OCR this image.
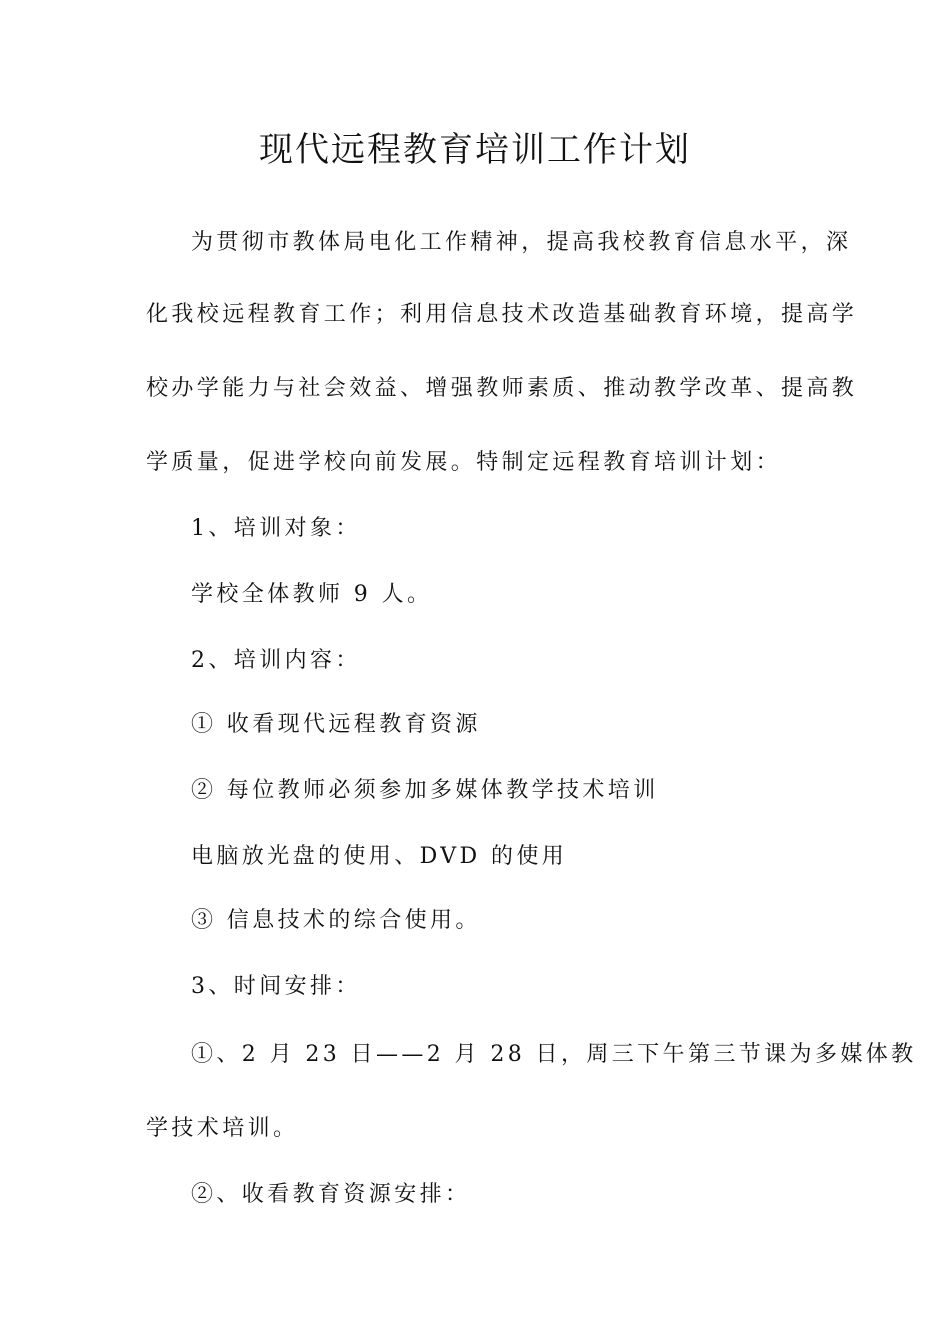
现代远程教育培训工作计划

为贯彻市教体局电化工作精神，提高我校教育信息水平，深

化我校远程教育工作；利用信息技术改造基础教育环境，提高学

校办学能力与社会效益、增强教师素质、推动教学改革、提高教

学质量，促进学校向前发展。特制定远程教育培训计划：

1、培训对象：

学校全体教师 9 人。

2、培训内容：

① 收看现代远程教育资源

② 每位教师必须参加多媒体教学技术培训

电脑放光盘的使用、DVD 的使用

③ 信息技术的综合使用。

3、时间安排：

①、2 月 23 日——2 月 28 日，周三下午第三节课为多媒体教

学技术培训。

②、收看教育资源安排：
